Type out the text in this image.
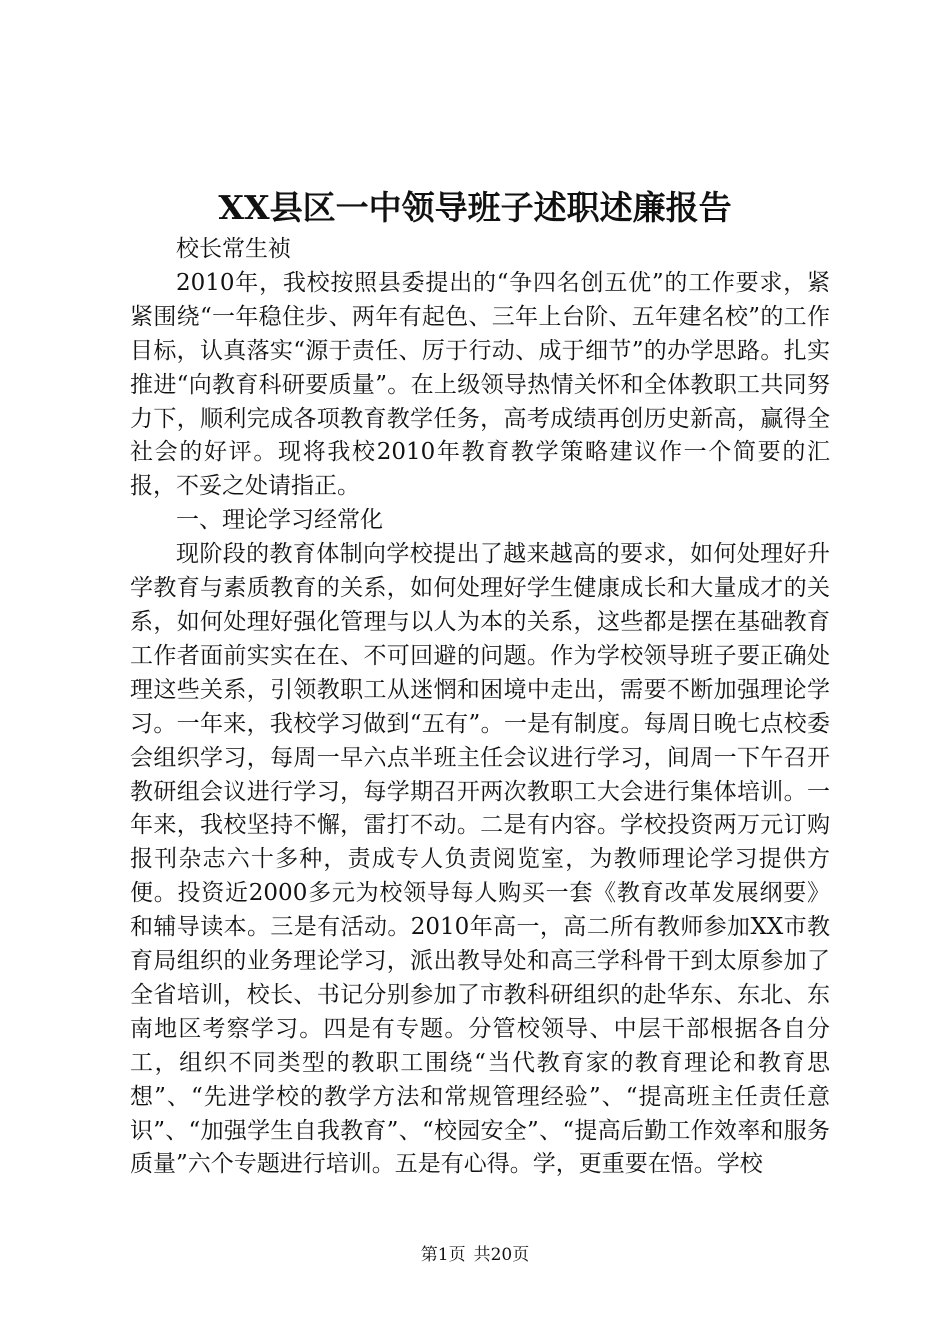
XX县区一中领导班子述职述廉报告

校长常生祯

2010年，我校按照县委提出的“争四名创五优”的工作要求，紧紧围绕“一年稳住步、两年有起色、三年上台阶、五年建名校”的工作目标，认真落实“源于责任、厉于行动、成于细节”的办学思路。扎实推进“向教育科研要质量”。在上级领导热情关怀和全体教职工共同努力下，顺利完成各项教育教学任务，高考成绩再创历史新高，赢得全社会的好评。现将我校2010年教育教学策略建议作一个简要的汇报，不妥之处请指正。

一、理论学习经常化

现阶段的教育体制向学校提出了越来越高的要求，如何处理好升学教育与素质教育的关系，如何处理好学生健康成长和大量成才的关系，如何处理好强化管理与以人为本的关系，这些都是摆在基础教育工作者面前实实在在、不可回避的问题。作为学校领导班子要正确处理这些关系，引领教职工从迷惘和困境中走出，需要不断加强理论学习。一年来，我校学习做到“五有”。一是有制度。每周日晚七点校委会组织学习，每周一早六点半班主任会议进行学习，间周一下午召开教研组会议进行学习，每学期召开两次教职工大会进行集体培训。一年来，我校坚持不懈，雷打不动。二是有内容。学校投资两万元订购报刊杂志六十多种，责成专人负责阅览室，为教师理论学习提供方便。投资近2000多元为校领导每人购买一套《教育改革发展纲要》和辅导读本。三是有活动。2010年高一，高二所有教师参加XX市教育局组织的业务理论学习，派出教导处和高三学科骨干到太原参加了全省培训，校长、书记分别参加了市教科研组织的赴华东、东北、东南地区考察学习。四是有专题。分管校领导、中层干部根据各自分工，组织不同类型的教职工围绕“当代教育家的教育理论和教育思想”、“先进学校的教学方法和常规管理经验”、“提高班主任责任意识”、“加强学生自我教育”、“校园安全”、“提高后勤工作效率和服务质量”六个专题进行培训。五是有心得。学，更重要在悟。学校

第1页 共20页
